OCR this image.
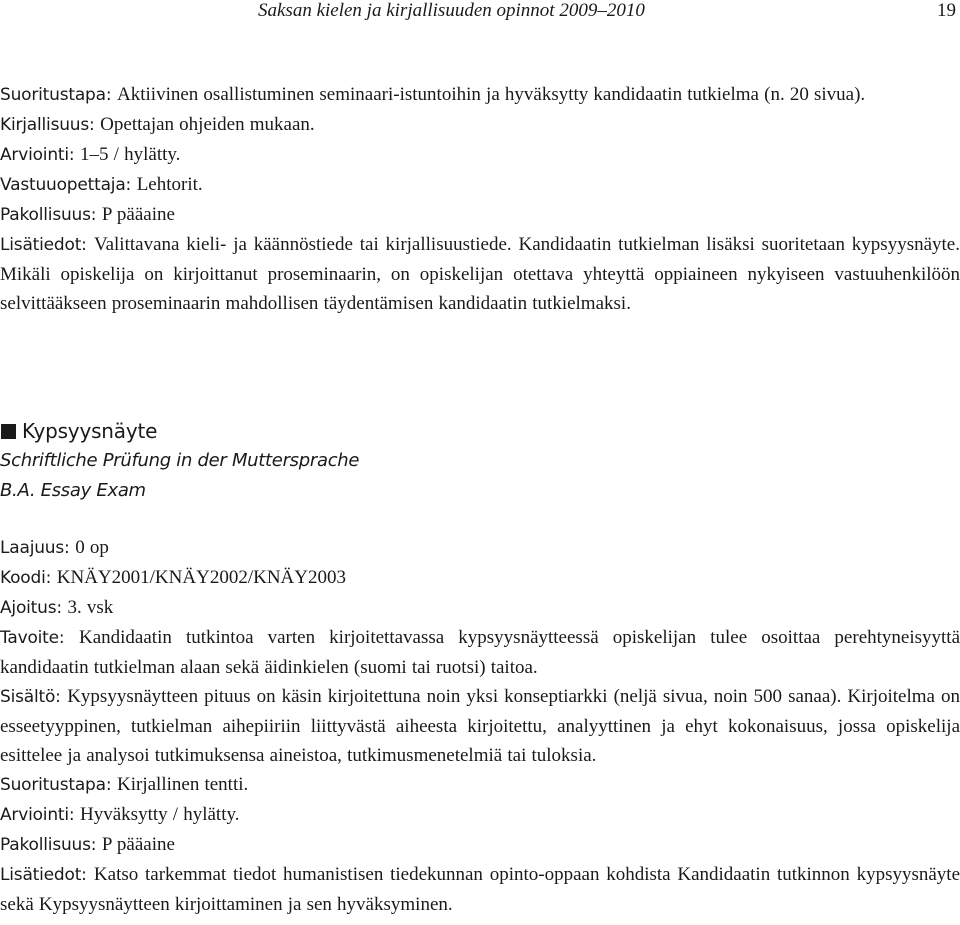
Saksan kielen ja kirjallisuuden opinnot 2009–2010	19

Suoritustapa: Aktiivinen osallistuminen seminaari-istuntoihin ja hyväksytty kandidaatin tutkielma (n. 20 sivua).

Kirjallisuus: Opettajan ohjeiden mukaan.

Arviointi: 1–5 / hylätty.

Vastuuopettaja: Lehtorit.

Pakollisuus: P pääaine

Lisätiedot: Valittavana kieli- ja käännöstiede tai kirjallisuustiede. Kandidaatin tutkielman lisäksi suoritetaan kypsyysnäyte. Mikäli opiskelija on kirjoittanut proseminaarin, on opiskelijan otettava yhteyttä oppiaineen nykyiseen vastuuhenkilöön selvittääkseen proseminaarin mahdollisen täydentämisen kandidaatin tutkielmaksi.

Kypsyysnäyte
Schriftliche Prüfung in der Muttersprache
B.A. Essay Exam

Laajuus: 0 op

Koodi: KNÄY2001/KNÄY2002/KNÄY2003

Ajoitus: 3. vsk

Tavoite: Kandidaatin tutkintoa varten kirjoitettavassa kypsyysnäytteessä opiskelijan tulee osoittaa perehtyneisyyttä kandidaatin tutkielman alaan sekä äidinkielen (suomi tai ruotsi) taitoa.

Sisältö: Kypsyysnäytteen pituus on käsin kirjoitettuna noin yksi konseptiarkki (neljä sivua, noin 500 sanaa). Kirjoitelma on esseetyyppinen, tutkielman aihepiiriin liittyvästä aiheesta kirjoitettu, analyyttinen ja ehyt kokonaisuus, jossa opiskelija esittelee ja analysoi tutkimuksensa aineistoa, tutkimusmenetelmiä tai tuloksia.

Suoritustapa: Kirjallinen tentti.

Arviointi: Hyväksytty / hylätty.

Pakollisuus: P pääaine

Lisätiedot: Katso tarkemmat tiedot humanistisen tiedekunnan opinto-oppaan kohdista Kandidaatin tutkinnon kypsyysnäyte sekä Kypsyysnäytteen kirjoittaminen ja sen hyväksyminen.
